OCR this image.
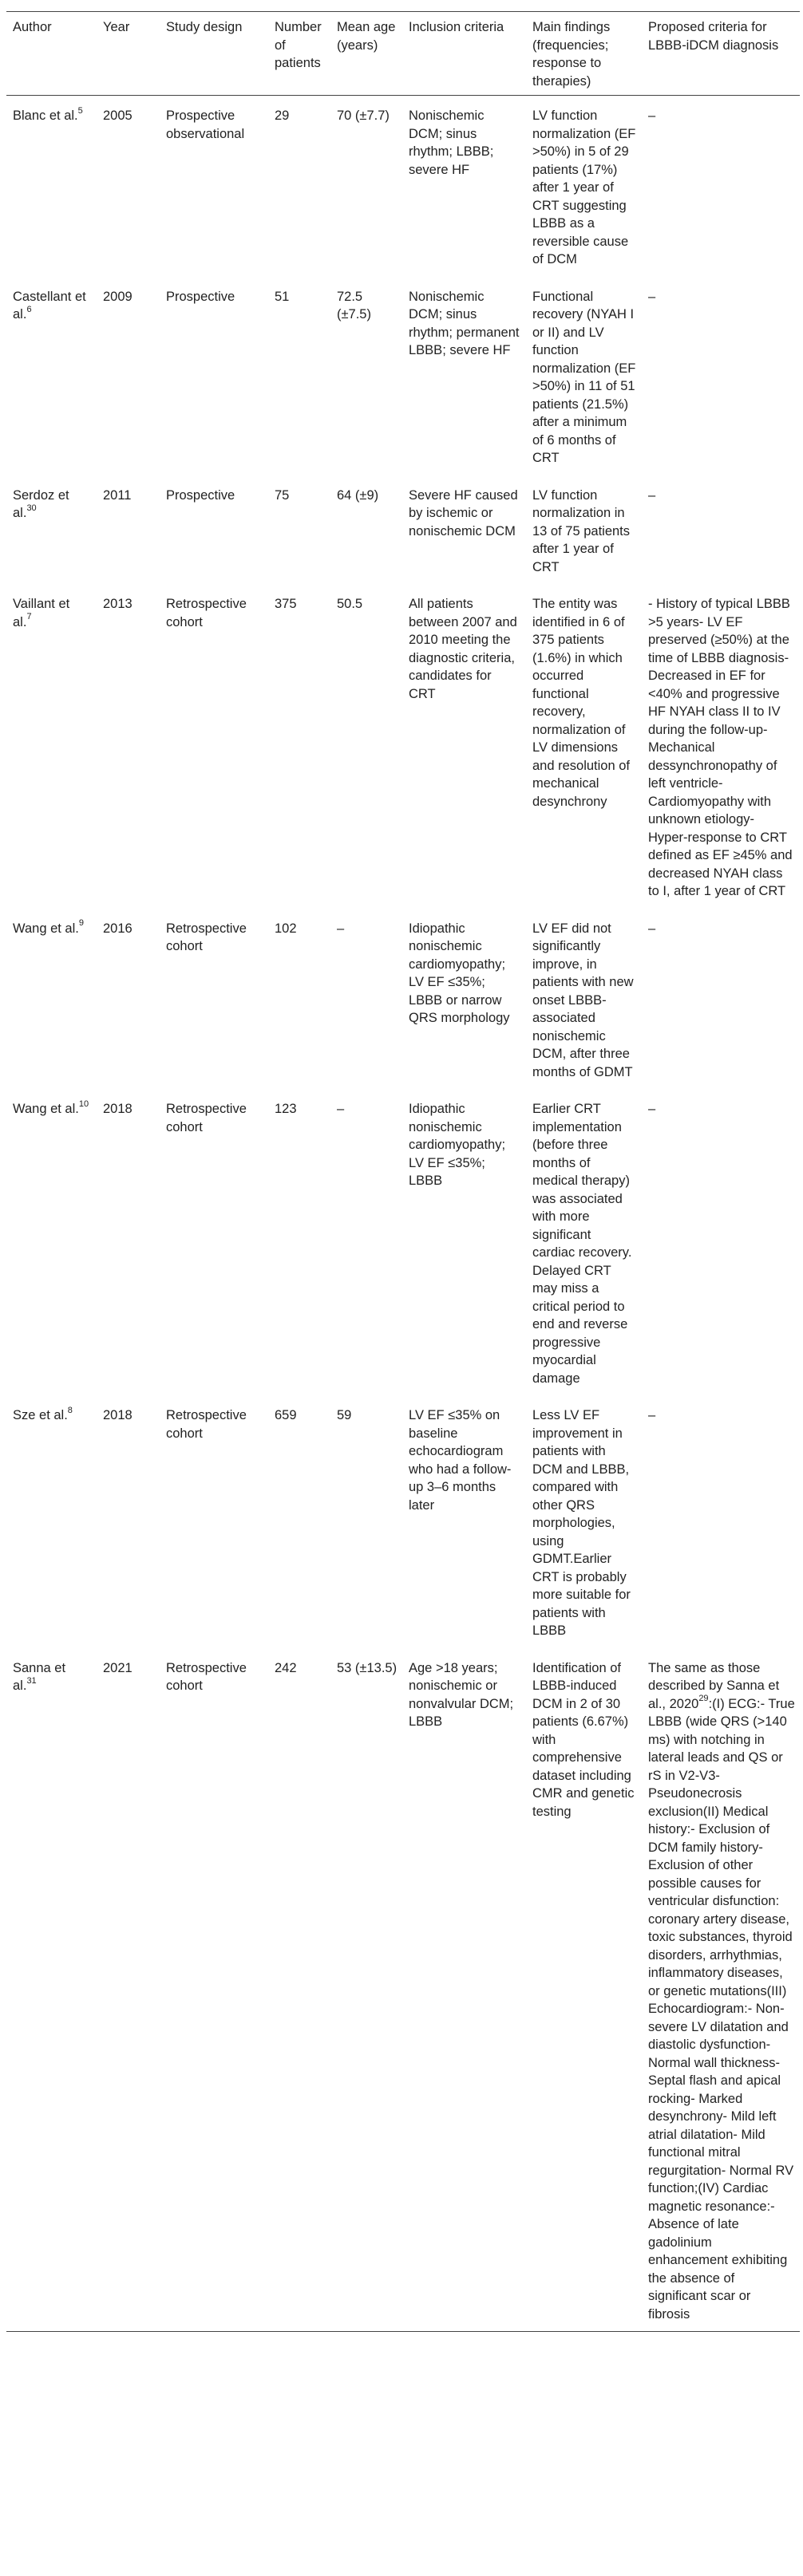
Author	Year	Study design	Number of patients	Mean age (years)	Inclusion criteria	Main findings (frequencies; response to therapies)	Proposed criteria for LBBB-iDCM diagnosis
Blanc et al.$^5$	2005	Prospective observational	29	70 (±7.7)	Nonischemic DCM; sinus rhythm; LBBB; severe HF	LV function normalization (EF >50%) in 5 of 29 patients (17%) after 1 year of CRT suggesting LBBB as a reversible cause of DCM	–
Castellant et al.$^6$	2009	Prospective	51	72.5 (±7.5)	Nonischemic DCM; sinus rhythm; permanent LBBB; severe HF	Functional recovery (NYAH I or II) and LV function normalization (EF >50%) in 11 of 51 patients (21.5%) after a minimum of 6 months of CRT	–
Serdoz et al.$^{30}$	2011	Prospective	75	64 (±9)	Severe HF caused by ischemic or nonischemic DCM	LV function normalization in 13 of 75 patients after 1 year of CRT	–
Vaillant et al.$^7$	2013	Retrospective cohort	375	50.5	All patients between 2007 and 2010 meeting the diagnostic criteria, candidates for CRT	The entity was identified in 6 of 375 patients (1.6%) in which occurred functional recovery, normalization of LV dimensions and resolution of mechanical desynchrony	- History of typical LBBB >5 years- LV EF preserved (≥50%) at the time of LBBB diagnosis- Decreased in EF for <40% and progressive HF NYAH class II to IV during the follow-up- Mechanical dessynchronopathy of left ventricle- Cardiomyopathy with unknown etiology- Hyper-response to CRT defined as EF ≥45% and decreased NYAH class to I, after 1 year of CRT
Wang et al.$^9$	2016	Retrospective cohort	102	–	Idiopathic nonischemic cardiomyopathy; LV EF ≤35%; LBBB or narrow QRS morphology	LV EF did not significantly improve, in patients with new onset LBBB-associated nonischemic DCM, after three months of GDMT	–
Wang et al.$^{10}$	2018	Retrospective cohort	123	–	Idiopathic nonischemic cardiomyopathy; LV EF ≤35%; LBBB	Earlier CRT implementation (before three months of medical therapy) was associated with more significant cardiac recovery. Delayed CRT may miss a critical period to end and reverse progressive myocardial damage	–
Sze et al.$^8$	2018	Retrospective cohort	659	59	LV EF ≤35% on baseline echocardiogram who had a follow-up 3–6 months later	Less LV EF improvement in patients with DCM and LBBB, compared with other QRS morphologies, using GDMT.Earlier CRT is probably more suitable for patients with LBBB	–
Sanna et al.$^{31}$	2021	Retrospective cohort	242	53 (±13.5)	Age >18 years; nonischemic or nonvalvular DCM; LBBB	Identification of LBBB-induced DCM in 2 of 30 patients (6.67%) with comprehensive dataset including CMR and genetic testing	The same as those described by Sanna et al., 2020$^{29}$:(I) ECG:- True LBBB (wide QRS (>140 ms) with notching in lateral leads and QS or rS in V2-V3- Pseudonecrosis exclusion(II) Medical history:- Exclusion of DCM family history- Exclusion of other possible causes for ventricular disfunction: coronary artery disease, toxic substances, thyroid disorders, arrhythmias, inflammatory diseases, or genetic mutations(III) Echocardiogram:- Non-severe LV dilatation and diastolic dysfunction- Normal wall thickness- Septal flash and apical rocking- Marked desynchrony- Mild left atrial dilatation- Mild functional mitral regurgitation- Normal RV function;(IV) Cardiac magnetic resonance:- Absence of late gadolinium enhancement exhibiting the absence of significant scar or fibrosis
